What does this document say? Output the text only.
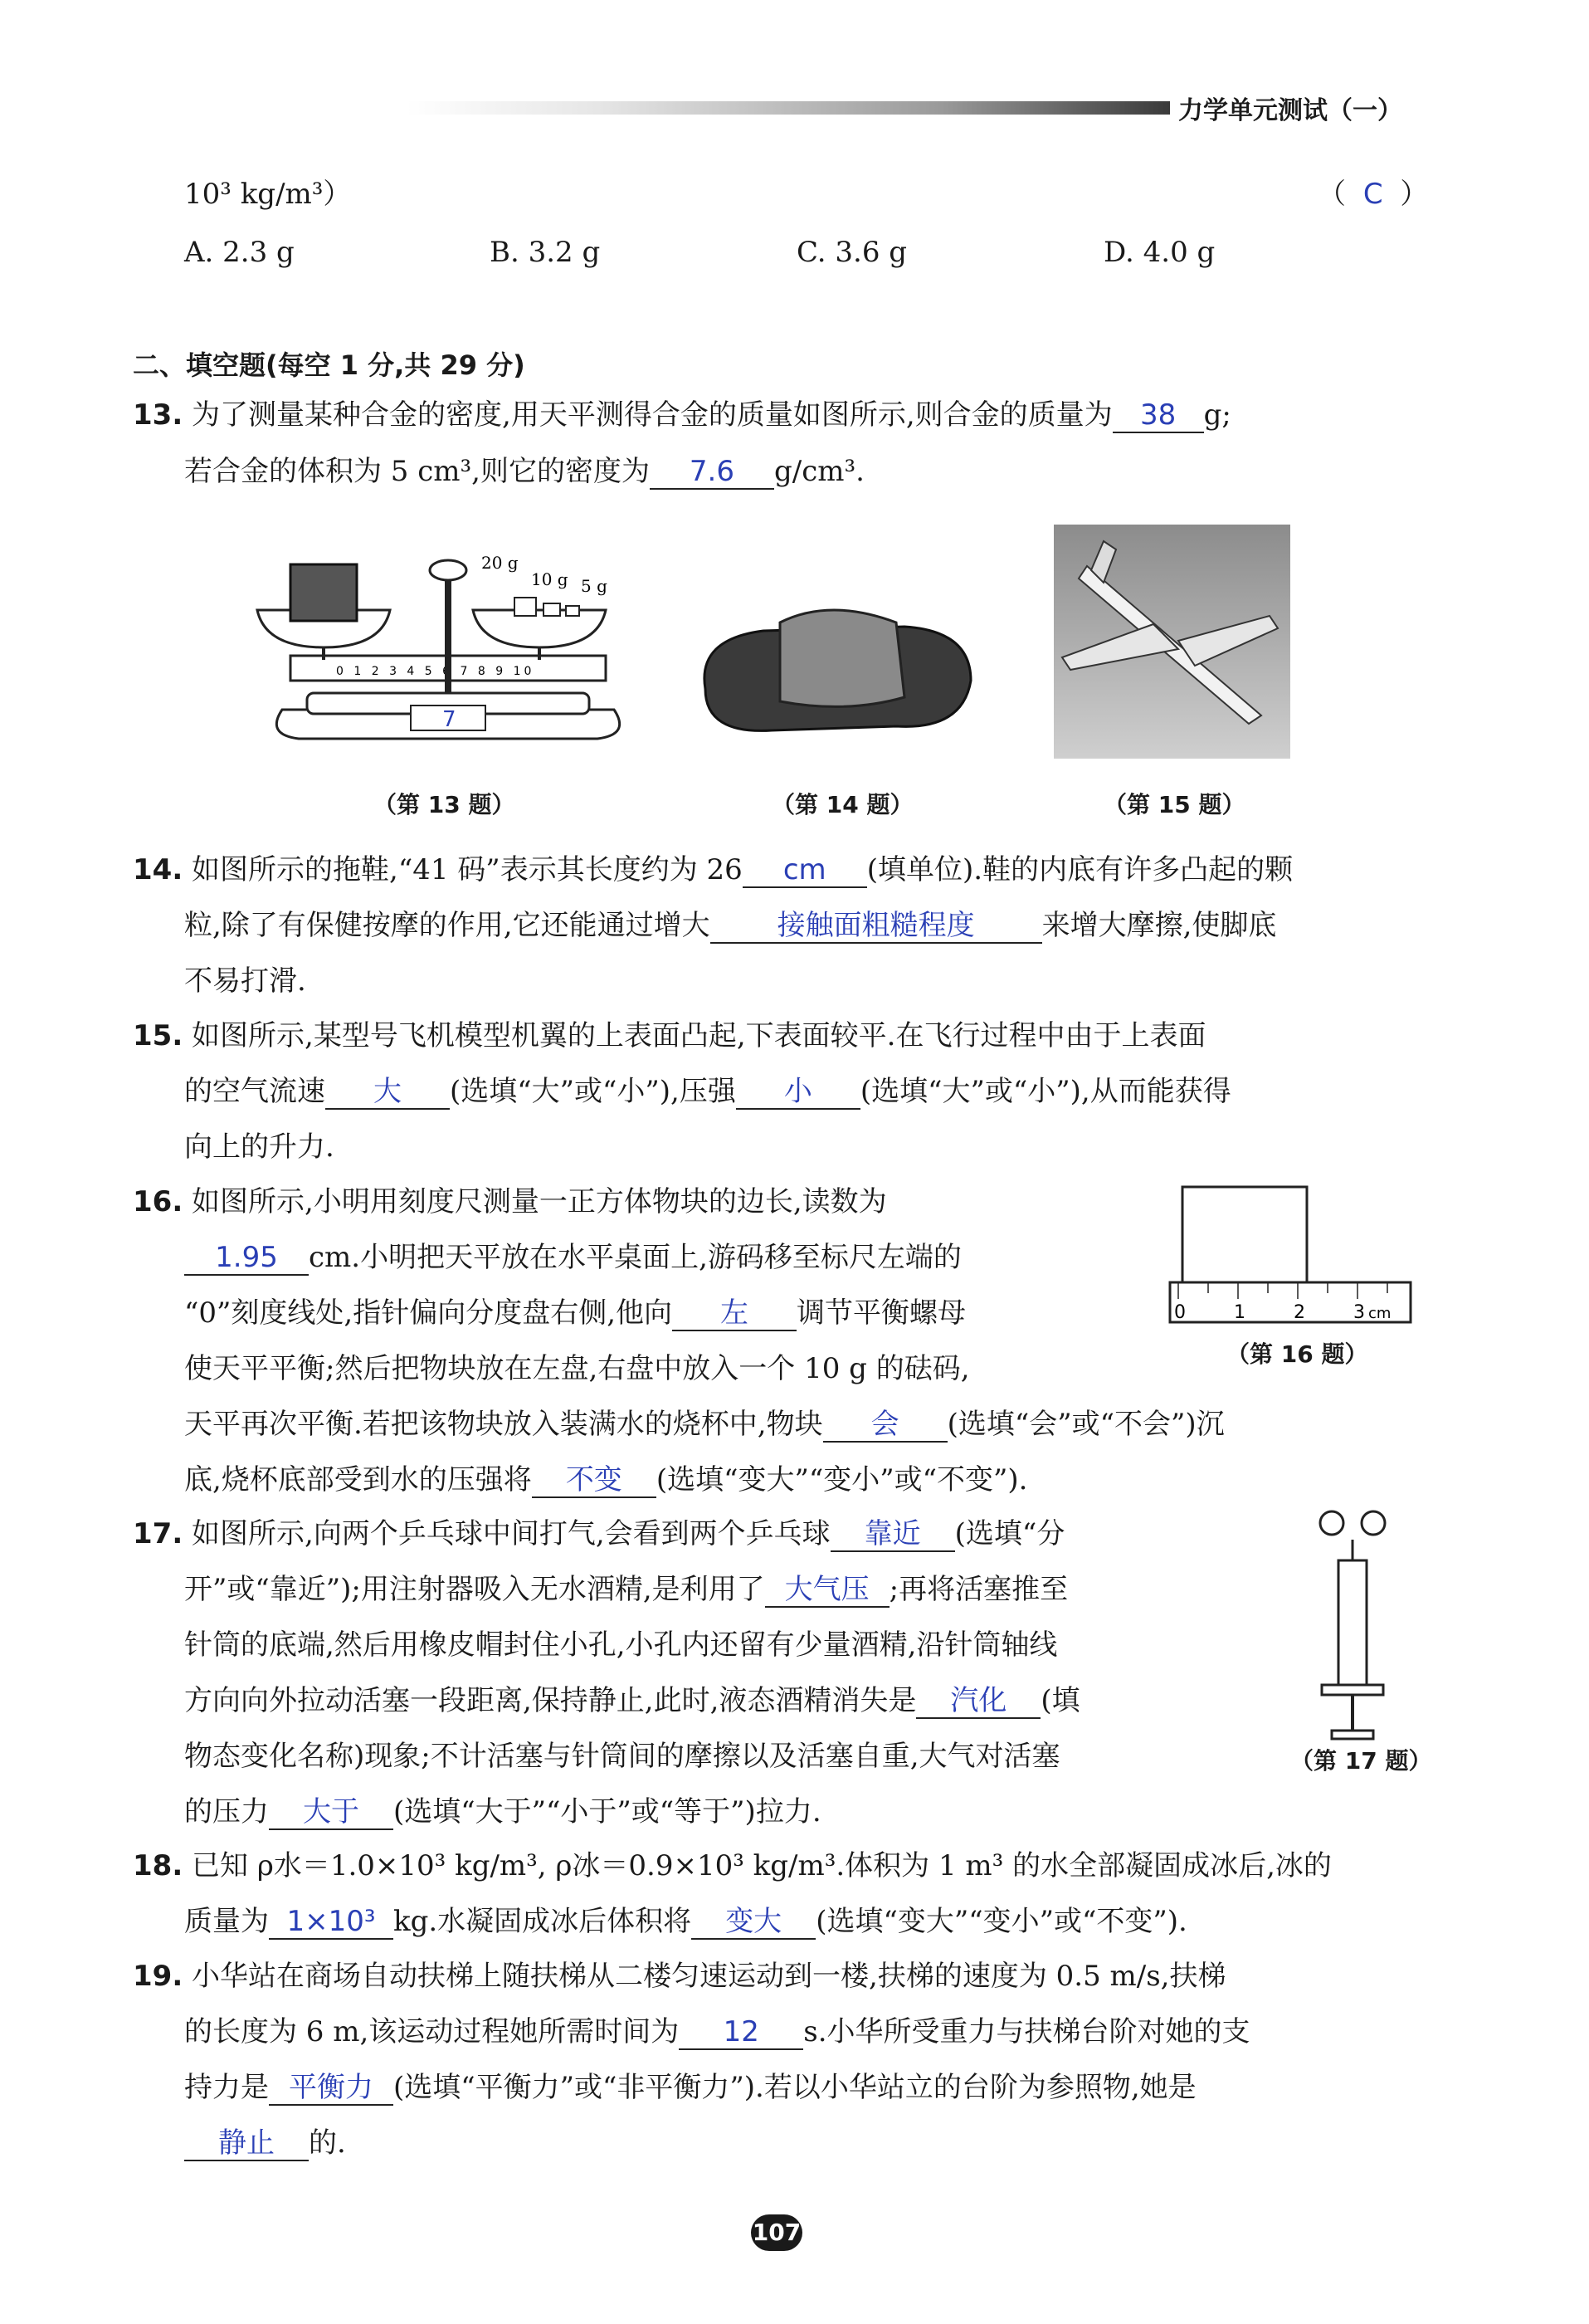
力学单元测试（一）
10³ kg/m³）	（ C ）
A. 2.3 g	B. 3.2 g	C. 3.6 g	D. 4.0 g
二、填空题(每空 1 分,共 29 分)
13. 为了测量某种合金的密度,用天平测得合金的质量如图所示,则合金的质量为 38 g;
若合金的体积为 5 cm³,则它的密度为 7.6 g/cm³.
7
0 1 2 3 4 5 6 7 8 9 10
20 g
10 g 5 g
（第 13 题）	（第 14 题）	（第 15 题）
14. 如图所示的拖鞋,“41 码”表示其长度约为 26 cm (填单位).鞋的内底有许多凸起的颗
粒,除了有保健按摩的作用,它还能通过增大 接触面粗糙程度 来增大摩擦,使脚底
不易打滑.
15. 如图所示,某型号飞机模型机翼的上表面凸起,下表面较平.在飞行过程中由于上表面
的空气流速 大 (选填“大”或“小”),压强 小 (选填“大”或“小”),从而能获得
向上的升力.
16. 如图所示,小明用刻度尺测量一正方体物块的边长,读数为
1.95 cm.小明把天平放在水平桌面上,游码移至标尺左端的
“0”刻度线处,指针偏向分度盘右侧,他向 左 调节平衡螺母
使天平平衡;然后把物块放在左盘,右盘中放入一个 10 g 的砝码,
天平再次平衡.若把该物块放入装满水的烧杯中,物块 会 (选填“会”或“不会”)沉
底,烧杯底部受到水的压强将 不变 (选填“变大”“变小”或“不变”).
0	1	2	3 cm
（第 16 题）
17. 如图所示,向两个乒乓球中间打气,会看到两个乒乓球 靠近 (选填“分
开”或“靠近”);用注射器吸入无水酒精,是利用了 大气压 ;再将活塞推至
针筒的底端,然后用橡皮帽封住小孔,小孔内还留有少量酒精,沿针筒轴线
方向向外拉动活塞一段距离,保持静止,此时,液态酒精消失是 汽化 (填
物态变化名称)现象;不计活塞与针筒间的摩擦以及活塞自重,大气对活塞
的压力 大于 (选填“大于”“小于”或“等于”)拉力.
（第 17 题）
18. 已知 ρ水＝1.0×10³ kg/m³, ρ冰＝0.9×10³ kg/m³.体积为 1 m³ 的水全部凝固成冰后,冰的
质量为 1×10³ kg.水凝固成冰后体积将 变大 (选填“变大”“变小”或“不变”).
19. 小华站在商场自动扶梯上随扶梯从二楼匀速运动到一楼,扶梯的速度为 0.5 m/s,扶梯
的长度为 6 m,该运动过程她所需时间为 12 s.小华所受重力与扶梯台阶对她的支
持力是 平衡力 (选填“平衡力”或“非平衡力”).若以小华站立的台阶为参照物,她是
静止 的.
107
